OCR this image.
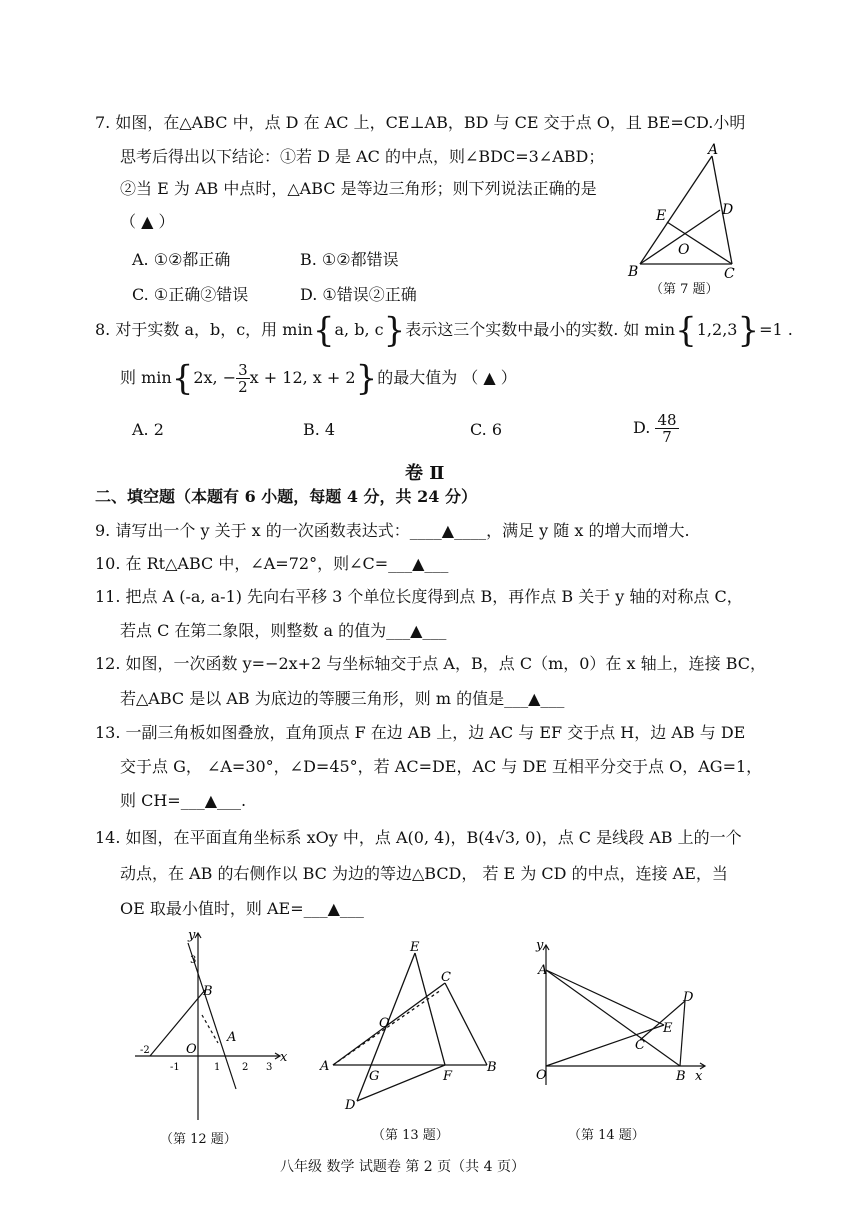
7. 如图，在△ABC 中，点 D 在 AC 上，CE⊥AB，BD 与 CE 交于点 O，且 BE=CD.小明
思考后得出以下结论：①若 D 是 AC 的中点，则∠BDC=3∠ABD；
②当 E 为 AB 中点时，△ABC 是等边三角形；则下列说法正确的是
（ ▲ ）
A. ①②都正确	B. ①②都错误
C. ①正确②错误	D. ①错误②正确
A
E	D
O
B	C
（第 7 题）
8. 对于实数 a，b，c，用 min{a, b, c}表示这三个实数中最小的实数. 如 min{1,2,3}=1 .
则 min{2x, − $\frac{3}{2}$ x + 12, x + 2}的最大值为 （ ▲ ）
A. 2	B. 4	C. 6	D. $\frac{48}{7}$
卷 Ⅱ
二、填空题（本题有 6 小题，每题 4 分，共 24 分）
9. 请写出一个 y 关于 x 的一次函数表达式：____▲____，满足 y 随 x 的增大而增大.
10. 在 Rt△ABC 中，∠A=72°，则∠C=___▲___
11. 把点 A (-a, a-1) 先向右平移 3 个单位长度得到点 B，再作点 B 关于 y 轴的对称点 C，
若点 C 在第二象限，则整数 a 的值为___▲___
12. 如图，一次函数 y=−2x+2 与坐标轴交于点 A，B，点 C（m，0）在 x 轴上，连接 BC，
若△ABC 是以 AB 为底边的等腰三角形，则 m 的值是___▲___
13. 一副三角板如图叠放，直角顶点 F 在边 AB 上，边 AC 与 EF 交于点 H，边 AB 与 DE
交于点 G， ∠A=30°，∠D=45°，若 AC=DE，AC 与 DE 互相平分交于点 O，AG=1，
则 CH=___▲___.
14. 如图，在平面直角坐标系 xOy 中，点 A(0, 4)，B(4√3, 0)，点 C 是线段 AB 上的一个
动点，在 AB 的右侧作以 BC 为边的等边△BCD， 若 E 为 CD 的中点，连接 AE，当
OE 取最小值时，则 AE=___▲___
y
x
B
A
O
3
1 2 3
-2
-1
（第 12 题）
E
C
O
A
G	F
B
D
（第 13 题）
y
A
D
E
C
O	B x
（第 14 题）
八年级 数学 试题卷 第 2 页（共 4 页）
